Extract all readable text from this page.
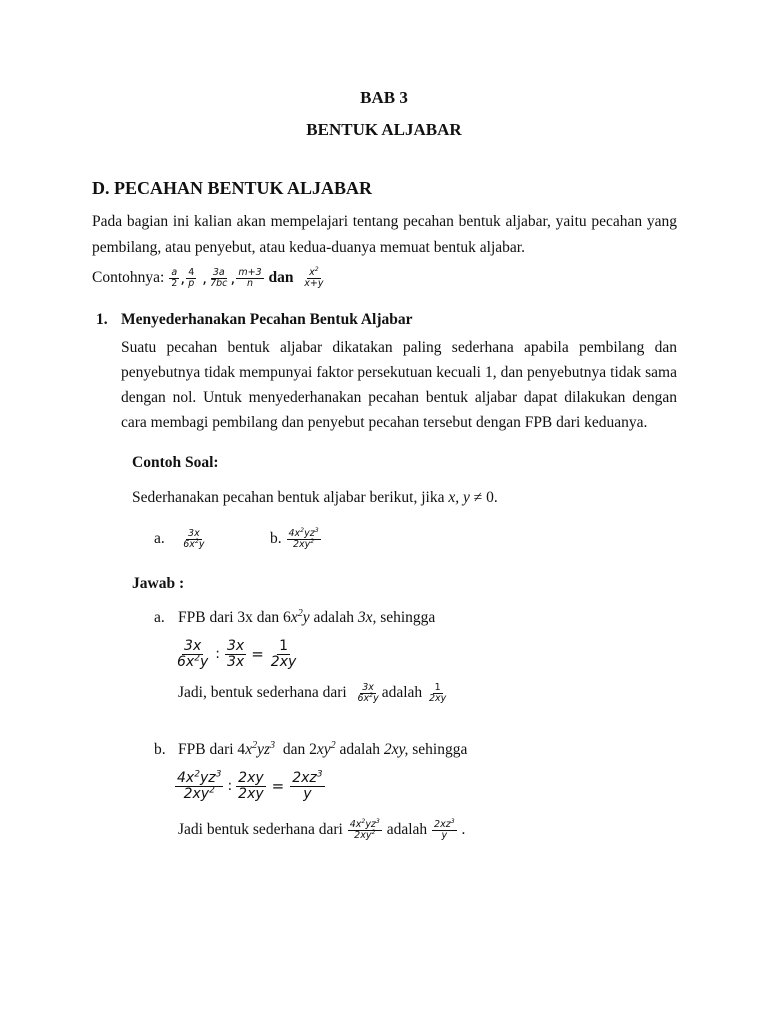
BAB 3
BENTUK ALJABAR
D. PECAHAN BENTUK ALJABAR
Pada bagian ini kalian akan mempelajari tentang pecahan bentuk aljabar, yaitu pecahan yang pembilang, atau penyebut, atau kedua-duanya memuat bentuk aljabar.
Contohnya:
$\frac{a}{2}$ , $\frac{4}{p}$ , $\frac{3a}{7bc}$ , $\frac{m+3}{n}$
dan
$\frac{x^2}{x+y}$
1. Menyederhanakan Pecahan Bentuk Aljabar
Suatu pecahan bentuk aljabar dikatakan paling sederhana apabila pembilang dan penyebutnya tidak mempunyai faktor persekutuan kecuali 1, dan penyebutnya tidak sama dengan nol. Untuk menyederhanakan pecahan bentuk aljabar dapat dilakukan dengan cara membagi pembilang dan penyebut pecahan tersebut dengan FPB dari keduanya.
Contoh Soal:
Sederhanakan pecahan bentuk aljabar berikut, jika x, y ≠ 0.
a.
$\frac{3x}{6x^2y}$	b.
$\frac{4x^2yz^3}{2xy^2}$
Jawab :
a. FPB dari 3x dan $6x^2y$ adalah 3x, sehingga
$\frac{3x}{6x^2y}$ : $\frac{3x}{3x} = \frac{1}{2xy}$
Jadi, bentuk sederhana dari
$\frac{3x}{6x^2y}$ adalah
$\frac{1}{2xy}$
b. FPB dari $4x^2yz^3$ dan $2xy^2$ adalah 2xy, sehingga
$\frac{4x^2yz^3}{2xy^2}$ : $\frac{2xy}{2xy} = \frac{2xz^3}{y}$
Jadi bentuk sederhana dari
$\frac{4x^2yz^3}{2xy^2}$
adalah
$\frac{2xz^3}{y}$
.
